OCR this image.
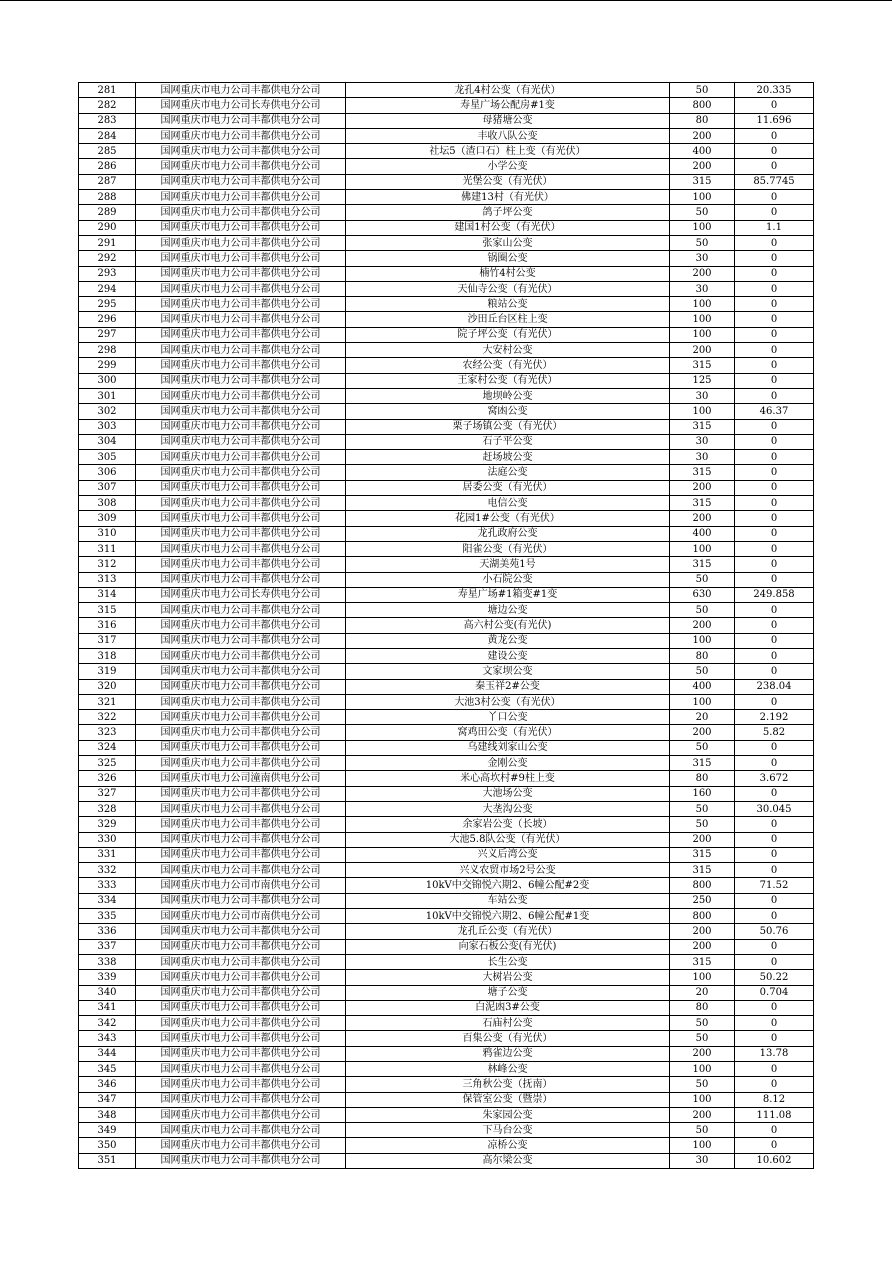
281	国网重庆市电力公司丰都供电分公司	龙孔4村公变（有光伏）	50	20.335
282	国网重庆市电力公司长寿供电分公司	寿星广场公配房#1变	800	0
283	国网重庆市电力公司丰都供电分公司	母猪塘公变	80	11.696
284	国网重庆市电力公司丰都供电分公司	丰收八队公变	200	0
285	国网重庆市电力公司丰都供电分公司	社坛5（渣口石）柱上变（有光伏）	400	0
286	国网重庆市电力公司丰都供电分公司	小学公变	200	0
287	国网重庆市电力公司丰都供电分公司	光堡公变（有光伏）	315	85.7745
288	国网重庆市电力公司丰都供电分公司	佛建13村（有光伏）	100	0
289	国网重庆市电力公司丰都供电分公司	鸽子坪公变	50	0
290	国网重庆市电力公司丰都供电分公司	建国1村公变（有光伏）	100	1.1
291	国网重庆市电力公司丰都供电分公司	张家山公变	50	0
292	国网重庆市电力公司丰都供电分公司	锅圈公变	30	0
293	国网重庆市电力公司丰都供电分公司	楠竹4村公变	200	0
294	国网重庆市电力公司丰都供电分公司	天仙寺公变（有光伏）	30	0
295	国网重庆市电力公司丰都供电分公司	粮站公变	100	0
296	国网重庆市电力公司丰都供电分公司	沙田丘台区柱上变	100	0
297	国网重庆市电力公司丰都供电分公司	院子坪公变（有光伏）	100	0
298	国网重庆市电力公司丰都供电分公司	大安村公变	200	0
299	国网重庆市电力公司丰都供电分公司	农经公变（有光伏）	315	0
300	国网重庆市电力公司丰都供电分公司	王家村公变（有光伏）	125	0
301	国网重庆市电力公司丰都供电分公司	地坝岭公变	30	0
302	国网重庆市电力公司丰都供电分公司	窝凼公变	100	46.37
303	国网重庆市电力公司丰都供电分公司	栗子场镇公变（有光伏）	315	0
304	国网重庆市电力公司丰都供电分公司	石子平公变	30	0
305	国网重庆市电力公司丰都供电分公司	赶场坡公变	30	0
306	国网重庆市电力公司丰都供电分公司	法庭公变	315	0
307	国网重庆市电力公司丰都供电分公司	居委公变（有光伏）	200	0
308	国网重庆市电力公司丰都供电分公司	电信公变	315	0
309	国网重庆市电力公司丰都供电分公司	花园1#公变（有光伏）	200	0
310	国网重庆市电力公司丰都供电分公司	龙孔政府公变	400	0
311	国网重庆市电力公司丰都供电分公司	阳雀公变（有光伏）	100	0
312	国网重庆市电力公司丰都供电分公司	天湖美苑1号	315	0
313	国网重庆市电力公司丰都供电分公司	小石院公变	50	0
314	国网重庆市电力公司长寿供电分公司	寿星广场#1箱变#1变	630	249.858
315	国网重庆市电力公司丰都供电分公司	塘边公变	50	0
316	国网重庆市电力公司丰都供电分公司	高六村公变(有光伏)	200	0
317	国网重庆市电力公司丰都供电分公司	黄龙公变	100	0
318	国网重庆市电力公司丰都供电分公司	建设公变	80	0
319	国网重庆市电力公司丰都供电分公司	文家坝公变	50	0
320	国网重庆市电力公司丰都供电分公司	秦玉祥2#公变	400	238.04
321	国网重庆市电力公司丰都供电分公司	大池3村公变（有光伏）	100	0
322	国网重庆市电力公司丰都供电分公司	丫口公变	20	2.192
323	国网重庆市电力公司丰都供电分公司	窝鸡田公变（有光伏）	200	5.82
324	国网重庆市电力公司丰都供电分公司	乌建线刘家山公变	50	0
325	国网重庆市电力公司丰都供电分公司	金刚公变	315	0
326	国网重庆市电力公司潼南供电分公司	米心高坎村#9柱上变	80	3.672
327	国网重庆市电力公司丰都供电分公司	大池场公变	160	0
328	国网重庆市电力公司丰都供电分公司	大垄沟公变	50	30.045
329	国网重庆市电力公司丰都供电分公司	余家岩公变（长坡）	50	0
330	国网重庆市电力公司丰都供电分公司	大池5.8队公变（有光伏）	200	0
331	国网重庆市电力公司丰都供电分公司	兴义后湾公变	315	0
332	国网重庆市电力公司丰都供电分公司	兴义农贸市场2号公变	315	0
333	国网重庆市电力公司市南供电分公司	10kV中交锦悦六期2、6幢公配#2变	800	71.52
334	国网重庆市电力公司丰都供电分公司	车站公变	250	0
335	国网重庆市电力公司市南供电分公司	10kV中交锦悦六期2、6幢公配#1变	800	0
336	国网重庆市电力公司丰都供电分公司	龙孔丘公变（有光伏）	200	50.76
337	国网重庆市电力公司丰都供电分公司	向家石板公变(有光伏)	200	0
338	国网重庆市电力公司丰都供电分公司	长生公变	315	0
339	国网重庆市电力公司丰都供电分公司	大树岩公变	100	50.22
340	国网重庆市电力公司丰都供电分公司	塘子公变	20	0.704
341	国网重庆市电力公司丰都供电分公司	白泥凼3#公变	80	0
342	国网重庆市电力公司丰都供电分公司	石庙村公变	50	0
343	国网重庆市电力公司丰都供电分公司	百集公变（有光伏）	50	0
344	国网重庆市电力公司丰都供电分公司	鸦雀边公变	200	13.78
345	国网重庆市电力公司丰都供电分公司	林峰公变	100	0
346	国网重庆市电力公司丰都供电分公司	三角秋公变（抚南）	50	0
347	国网重庆市电力公司丰都供电分公司	保管室公变（暨崇）	100	8.12
348	国网重庆市电力公司丰都供电分公司	朱家园公变	200	111.08
349	国网重庆市电力公司丰都供电分公司	下马台公变	50	0
350	国网重庆市电力公司丰都供电分公司	凉桥公变	100	0
351	国网重庆市电力公司丰都供电分公司	高尔梁公变	30	10.602
